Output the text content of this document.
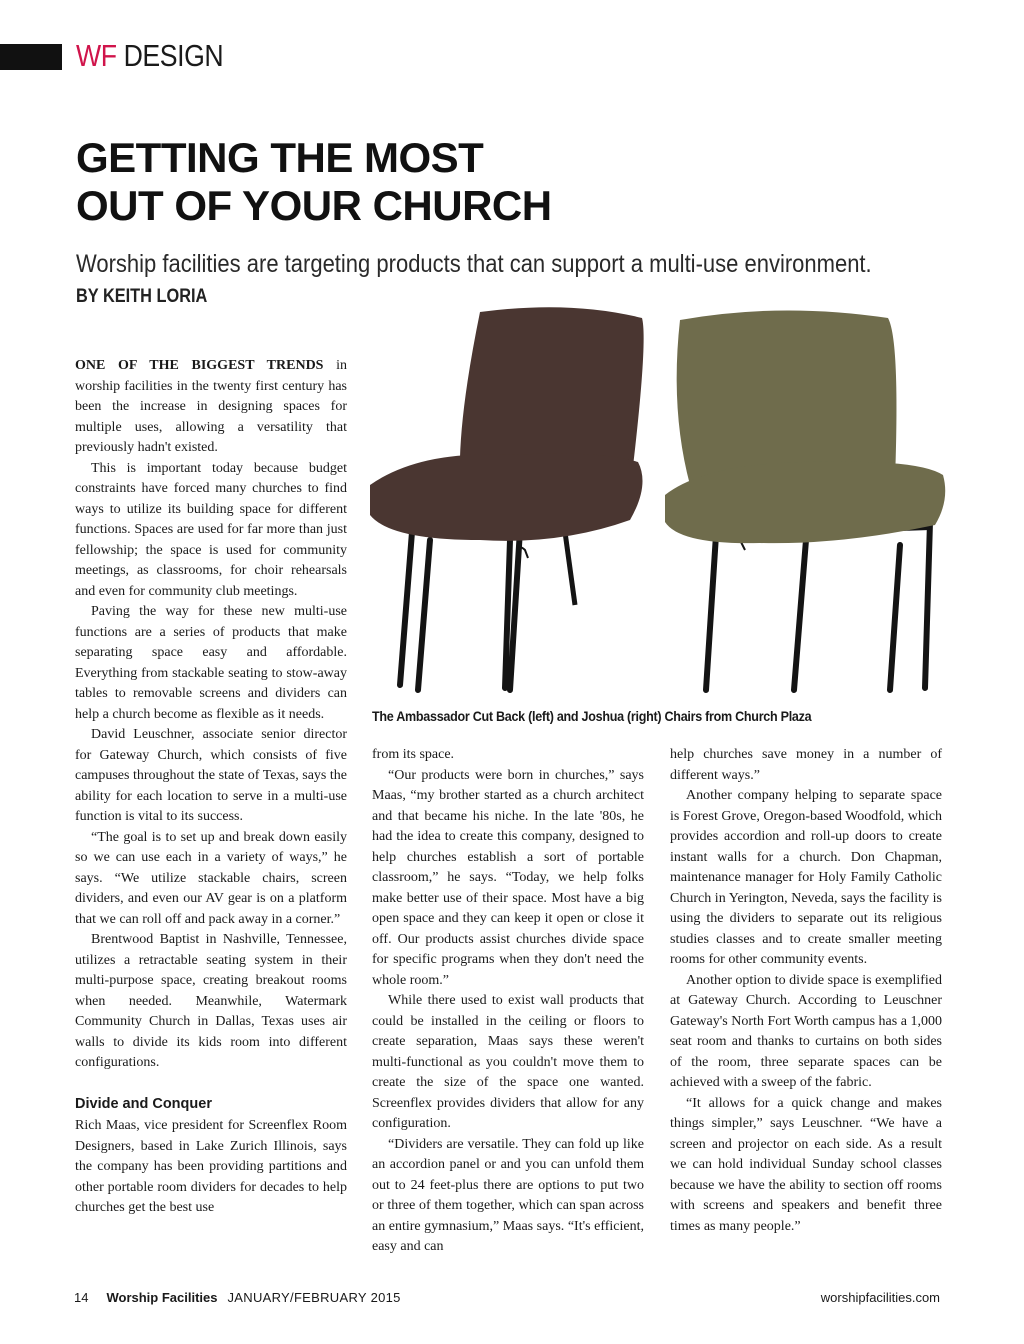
WF DESIGN
GETTING THE MOST
OUT OF YOUR CHURCH
Worship facilities are targeting products that can support a multi-use environment.
BY KEITH LORIA
The Ambassador Cut Back (left) and Joshua (right) Chairs from Church Plaza

ONE OF THE BIGGEST TRENDS in worship facilities in the twenty first century has been the increase in designing spaces for multiple uses, allowing a versatility that previously hadn't existed.

This is important today because budget constraints have forced many churches to find ways to utilize its building space for different functions. Spaces are used for far more than just fellowship; the space is used for community meetings, as classrooms, for choir rehearsals and even for community club meetings.

Paving the way for these new multi-use functions are a series of products that make separating space easy and affordable. Everything from stackable seating to stow-away tables to removable screens and dividers can help a church become as flexible as it needs.

David Leuschner, associate senior director for Gateway Church, which consists of five campuses throughout the state of Texas, says the ability for each location to serve in a multi-use function is vital to its success.

“The goal is to set up and break down easily so we can use each in a variety of ways,” he says. “We utilize stackable chairs, screen dividers, and even our AV gear is on a platform that we can roll off and pack away in a corner.”

Brentwood Baptist in Nashville, Tennessee, utilizes a retractable seating system in their multi-purpose space, creating breakout rooms when needed. Meanwhile, Watermark Community Church in Dallas, Texas uses air walls to divide its kids room into different configurations.

Divide and Conquer

Rich Maas, vice president for Screenflex Room Designers, based in Lake Zurich Illinois, says the company has been providing partitions and other portable room dividers for decades to help churches get the best use

from its space.

“Our products were born in churches,” says Maas, “my brother started as a church architect and that became his niche. In the late '80s, he had the idea to create this company, designed to help churches establish a sort of portable classroom,” he says. “Today, we help folks make better use of their space. Most have a big open space and they can keep it open or close it off. Our products assist churches divide space for specific programs when they don't need the whole room.”

While there used to exist wall products that could be installed in the ceiling or floors to create separation, Maas says these weren't multi-functional as you couldn't move them to create the size of the space one wanted. Screenflex provides dividers that allow for any configuration.

“Dividers are versatile. They can fold up like an accordion panel or and you can unfold them out to 24 feet-plus there are options to put two or three of them together, which can span across an entire gymnasium,” Maas says. “It's efficient, easy and can

help churches save money in a number of different ways.”

Another company helping to separate space is Forest Grove, Oregon-based Woodfold, which provides accordion and roll-up doors to create instant walls for a church. Don Chapman, maintenance manager for Holy Family Catholic Church in Yerington, Neveda, says the facility is using the dividers to separate out its religious studies classes and to create smaller meeting rooms for other community events.

Another option to divide space is exemplified at Gateway Church. According to Leuschner Gateway's North Fort Worth campus has a 1,000 seat room and thanks to curtains on both sides of the room, three separate spaces can be achieved with a sweep of the fabric.

“It allows for a quick change and makes things simpler,” says Leuschner. “We have a screen and projector on each side. As a result we can hold individual Sunday school classes because we have the ability to section off rooms with screens and speakers and benefit three times as many people.”

14 Worship Facilities JANUARY/FEBRUARY 2015	worshipfacilities.com
